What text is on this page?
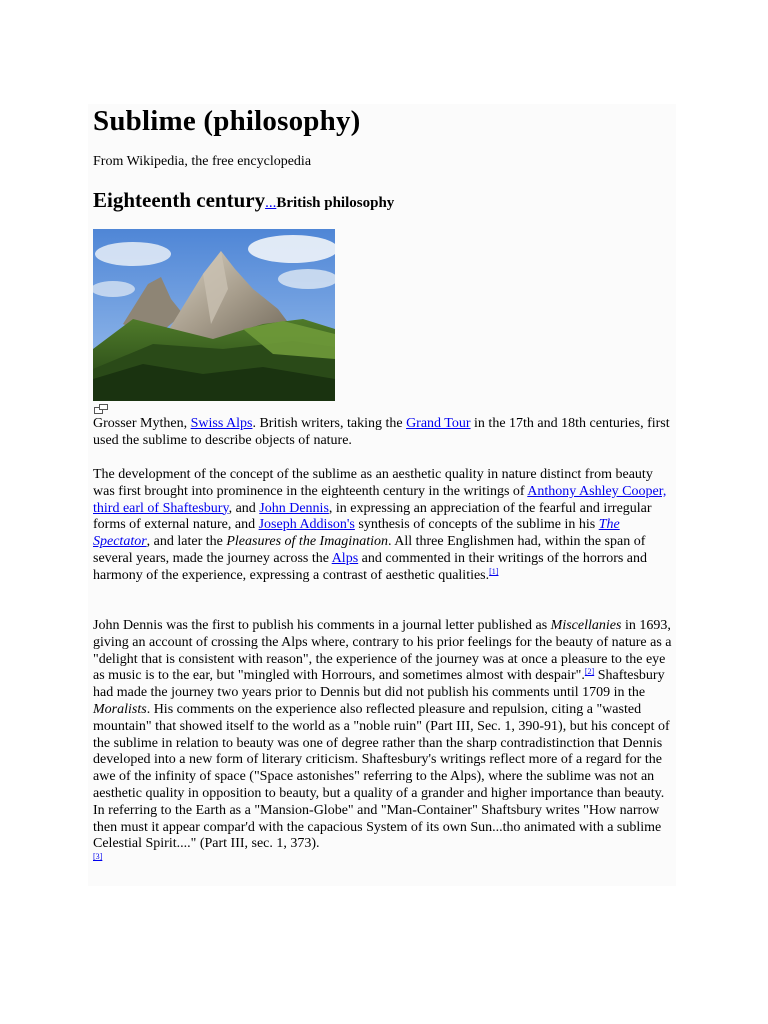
Sublime (philosophy)
From Wikipedia, the free encyclopedia
Eighteenth century...British philosophy
Grosser Mythen, Swiss Alps. British writers, taking the Grand Tour in the 17th and 18th centuries, first used the sublime to describe objects of nature.
The development of the concept of the sublime as an aesthetic quality in nature distinct from beauty was first brought into prominence in the eighteenth century in the writings of Anthony Ashley Cooper, third earl of Shaftesbury, and John Dennis, in expressing an appreciation of the fearful and irregular forms of external nature, and Joseph Addison's synthesis of concepts of the sublime in his The Spectator, and later the Pleasures of the Imagination. All three Englishmen had, within the span of several years, made the journey across the Alps and commented in their writings of the horrors and harmony of the experience, expressing a contrast of aesthetic qualities.[1]
John Dennis was the first to publish his comments in a journal letter published as Miscellanies in 1693, giving an account of crossing the Alps where, contrary to his prior feelings for the beauty of nature as a "delight that is consistent with reason", the experience of the journey was at once a pleasure to the eye as music is to the ear, but "mingled with Horrours, and sometimes almost with despair".[2] Shaftesbury had made the journey two years prior to Dennis but did not publish his comments until 1709 in the Moralists. His comments on the experience also reflected pleasure and repulsion, citing a "wasted mountain" that showed itself to the world as a "noble ruin" (Part III, Sec. 1, 390-91), but his concept of the sublime in relation to beauty was one of degree rather than the sharp contradistinction that Dennis developed into a new form of literary criticism. Shaftesbury's writings reflect more of a regard for the awe of the infinity of space ("Space astonishes" referring to the Alps), where the sublime was not an aesthetic quality in opposition to beauty, but a quality of a grander and higher importance than beauty. In referring to the Earth as a "Mansion-Globe" and "Man-Container" Shaftsbury writes "How narrow then must it appear compar'd with the capacious System of its own Sun...tho animated with a sublime Celestial Spirit...." (Part III, sec. 1, 373).
[3]
